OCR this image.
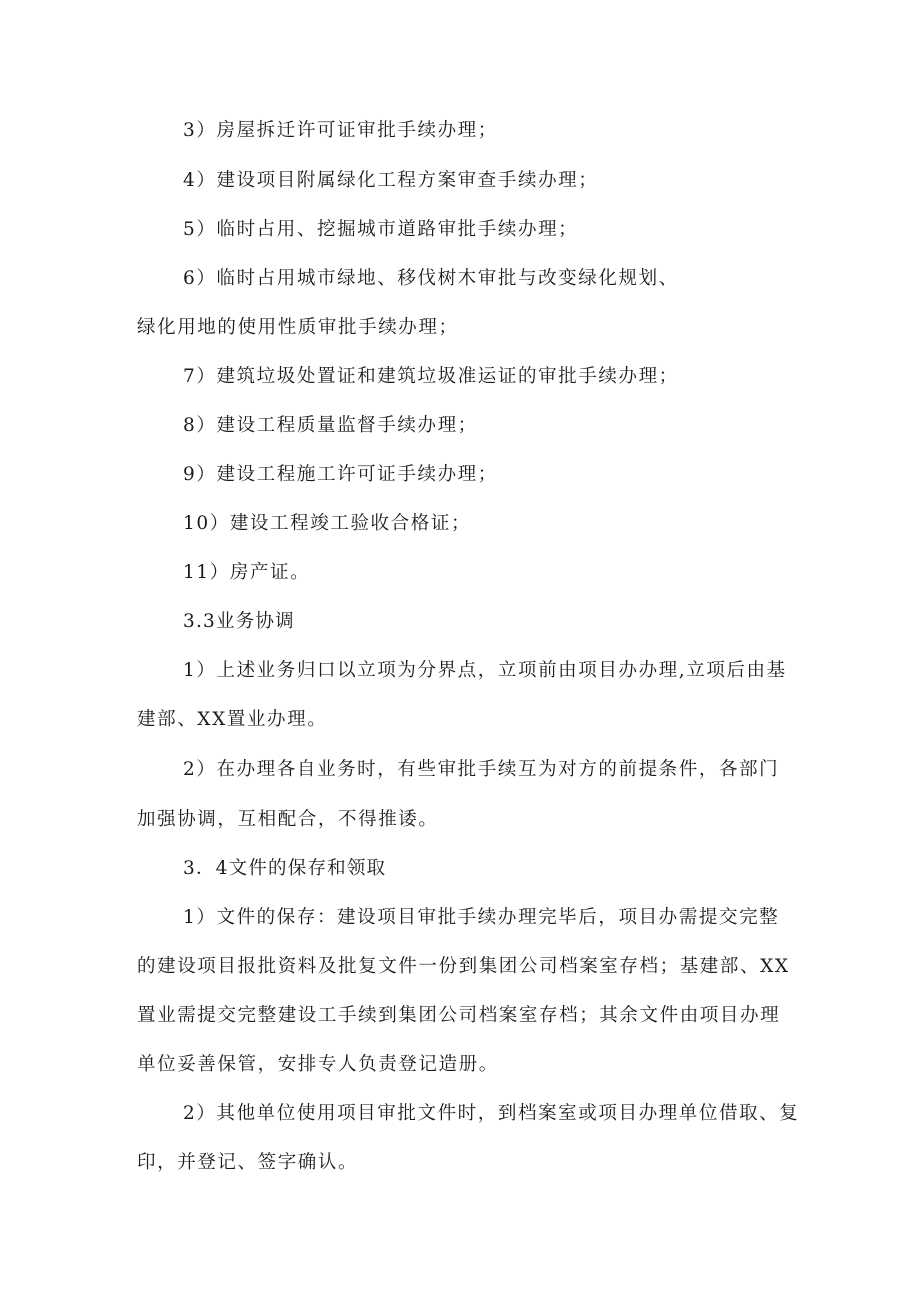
3）房屋拆迁许可证审批手续办理；

4）建设项目附属绿化工程方案审查手续办理；

5）临时占用、挖掘城市道路审批手续办理；

6）临时占用城市绿地、移伐树木审批与改变绿化规划、

绿化用地的使用性质审批手续办理；

7）建筑垃圾处置证和建筑垃圾准运证的审批手续办理；

8）建设工程质量监督手续办理；

9）建设工程施工许可证手续办理；

10）建设工程竣工验收合格证；

11）房产证。

3.3业务协调

1）上述业务归口以立项为分界点，立项前由项目办办理,立项后由基

建部、XX置业办理。

2）在办理各自业务时，有些审批手续互为对方的前提条件，各部门

加强协调，互相配合，不得推诿。

3．4文件的保存和领取

1）文件的保存：建设项目审批手续办理完毕后，项目办需提交完整

的建设项目报批资料及批复文件一份到集团公司档案室存档；基建部、XX

置业需提交完整建设工手续到集团公司档案室存档；其余文件由项目办理

单位妥善保管，安排专人负责登记造册。

2）其他单位使用项目审批文件时，到档案室或项目办理单位借取、复

印，并登记、签字确认。
